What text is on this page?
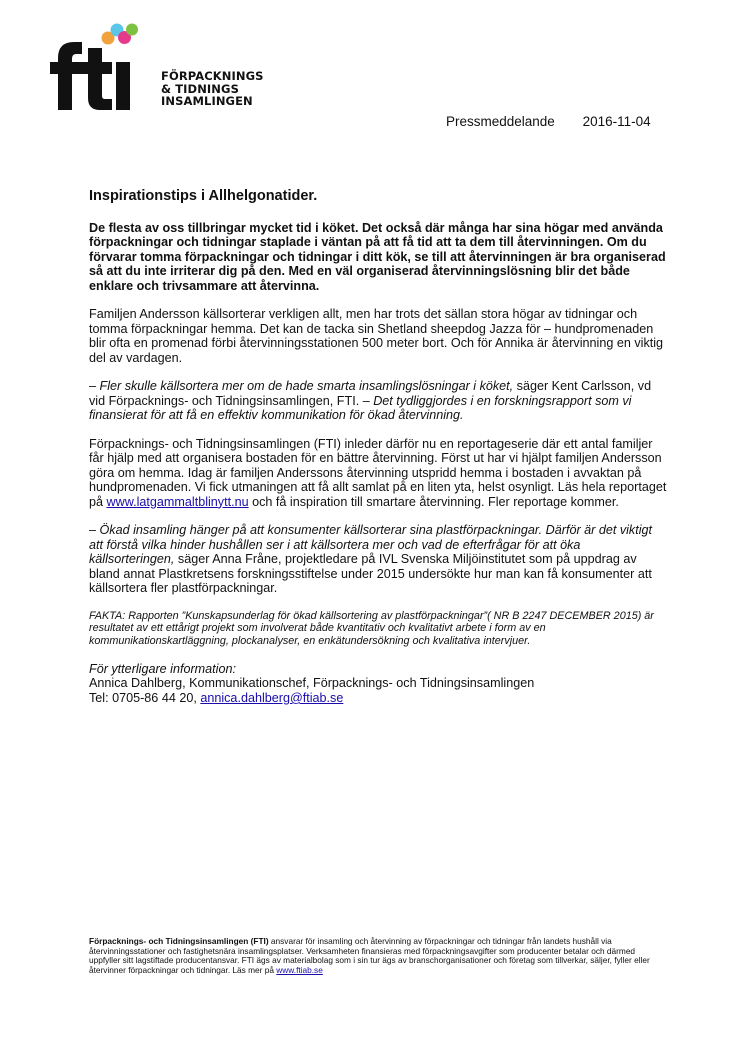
FÖRPACKNINGS
& TIDNINGS
INSAMLINGEN
Pressmeddelande 2016-11-04
Inspirationstips i Allhelgonatider.

De flesta av oss tillbringar mycket tid i köket. Det också där många har sina högar med använda förpackningar och tidningar staplade i väntan på att få tid att ta dem till återvinningen. Om du förvarar tomma förpackningar och tidningar i ditt kök, se till att återvinningen är bra organiserad så att du inte irriterar dig på den. Med en väl organiserad återvinningslösning blir det både enklare och trivsammare att återvinna.

Familjen Andersson källsorterar verkligen allt, men har trots det sällan stora högar av tidningar och tomma förpackningar hemma. Det kan de tacka sin Shetland sheepdog Jazza för – hundpromenaden blir ofta en promenad förbi återvinningsstationen 500 meter bort. Och för Annika är återvinning en viktig del av vardagen.

– Fler skulle källsortera mer om de hade smarta insamlingslösningar i köket, säger Kent Carlsson, vd vid Förpacknings- och Tidningsinsamlingen, FTI. – Det tydliggjordes i en forskningsrapport som vi finansierat för att få en effektiv kommunikation för ökad återvinning.

Förpacknings- och Tidningsinsamlingen (FTI) inleder därför nu en reportageserie där ett antal familjer får hjälp med att organisera bostaden för en bättre återvinning. Först ut har vi hjälpt familjen Andersson göra om hemma. Idag är familjen Anderssons återvinning utspridd hemma i bostaden i avvaktan på hundpromenaden. Vi fick utmaningen att få allt samlat på en liten yta, helst osynligt. Läs hela reportaget på www.latgammaltblinytt.nu och få inspiration till smartare återvinning. Fler reportage kommer.

– Ökad insamling hänger på att konsumenter källsorterar sina plastförpackningar. Därför är det viktigt att förstå vilka hinder hushållen ser i att källsortera mer och vad de efterfrågar för att öka källsorteringen, säger Anna Fråne, projektledare på IVL Svenska Miljöinstitutet som på uppdrag av bland annat Plastkretsens forskningsstiftelse under 2015 undersökte hur man kan få konsumenter att källsortera fler plastförpackningar.

FAKTA: Rapporten ”Kunskapsunderlag för ökad källsortering av plastförpackningar”( NR B 2247 DECEMBER 2015) är resultatet av ett ettårigt projekt som involverat både kvantitativ och kvalitativt arbete i form av en kommunikationskartläggning, plockanalyser, en enkätundersökning och kvalitativa intervjuer.

För ytterligare information:

Annica Dahlberg, Kommunikationschef, Förpacknings- och Tidningsinsamlingen

Tel: 0705-86 44 20, annica.dahlberg@ftiab.se

Förpacknings- och Tidningsinsamlingen (FTI) ansvarar för insamling och återvinning av förpackningar och tidningar från landets hushåll via återvinningsstationer och fastighetsnära insamlingsplatser. Verksamheten finansieras med förpackningsavgifter som producenter betalar och därmed uppfyller sitt lagstiftade producentansvar. FTI ägs av materialbolag som i sin tur ägs av branschorganisationer och företag som tillverkar, säljer, fyller eller återvinner förpackningar och tidningar. Läs mer på www.ftiab.se
